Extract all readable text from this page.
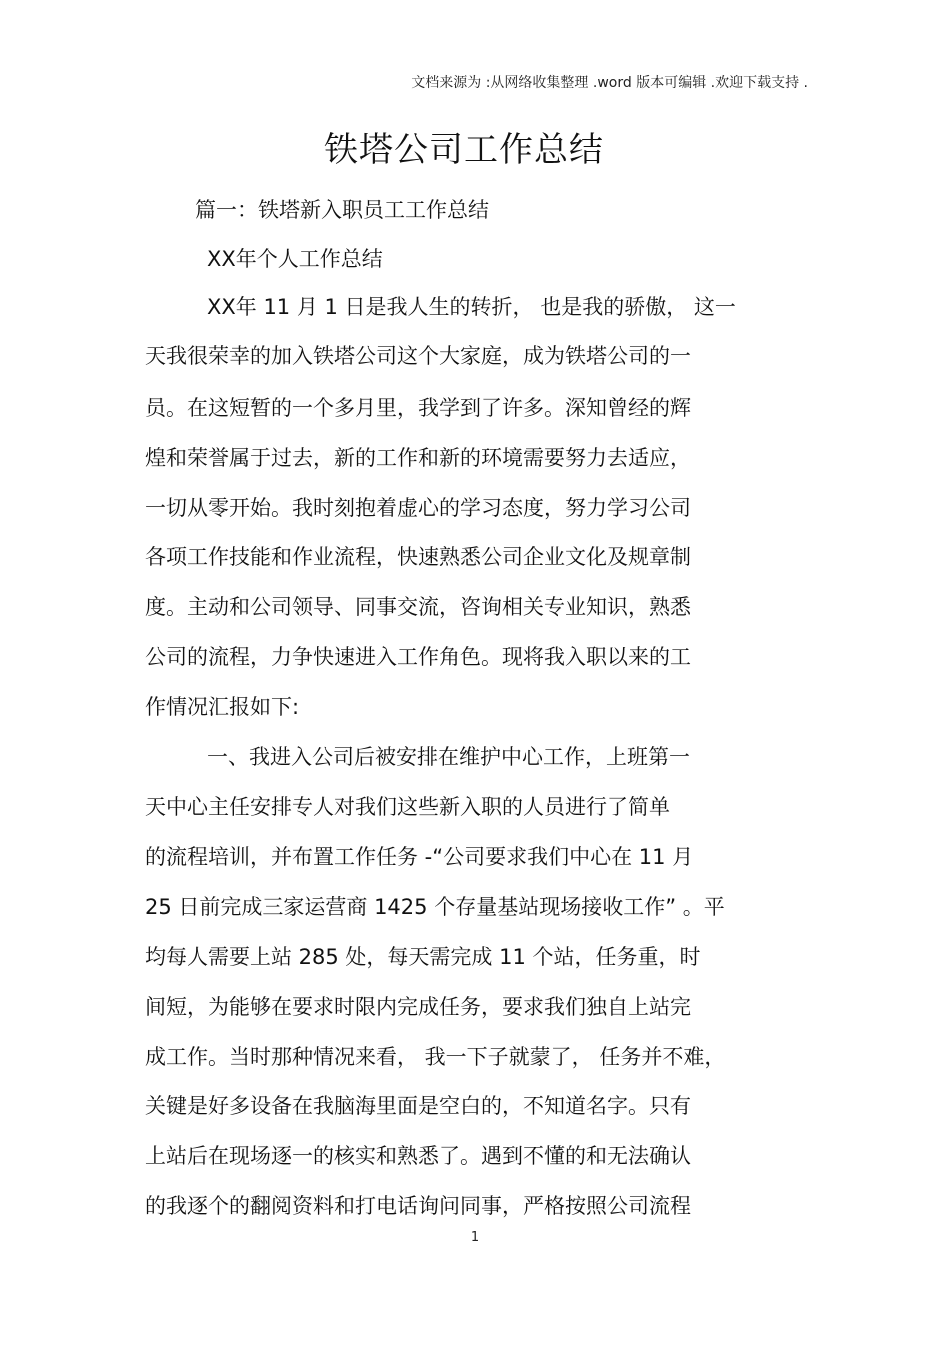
文档来源为 :从网络收集整理 .word 版本可编辑 .欢迎下载支持 .
铁塔公司工作总结
篇一：铁塔新入职员工工作总结
XX年个人工作总结
XX年 11 月 1 日是我人生的转折， 也是我的骄傲， 这一
天我很荣幸的加入铁塔公司这个大家庭，成为铁塔公司的一
员。在这短暂的一个多月里，我学到了许多。深知曾经的辉
煌和荣誉属于过去，新的工作和新的环境需要努力去适应，
一切从零开始。我时刻抱着虚心的学习态度，努力学习公司
各项工作技能和作业流程，快速熟悉公司企业文化及规章制
度。主动和公司领导、同事交流，咨询相关专业知识，熟悉
公司的流程，力争快速进入工作角色。现将我入职以来的工
作情况汇报如下:
一、我进入公司后被安排在维护中心工作，上班第一
天中心主任安排专人对我们这些新入职的人员进行了简单
的流程培训，并布置工作任务 -“公司要求我们中心在 11 月
25 日前完成三家运营商 1425 个存量基站现场接收工作” 。平
均每人需要上站 285 处，每天需完成 11 个站，任务重，时
间短，为能够在要求时限内完成任务，要求我们独自上站完
成工作。当时那种情况来看， 我一下子就蒙了， 任务并不难，
关键是好多设备在我脑海里面是空白的，不知道名字。只有
上站后在现场逐一的核实和熟悉了。遇到不懂的和无法确认
的我逐个的翻阅资料和打电话询问同事，严格按照公司流程
1
